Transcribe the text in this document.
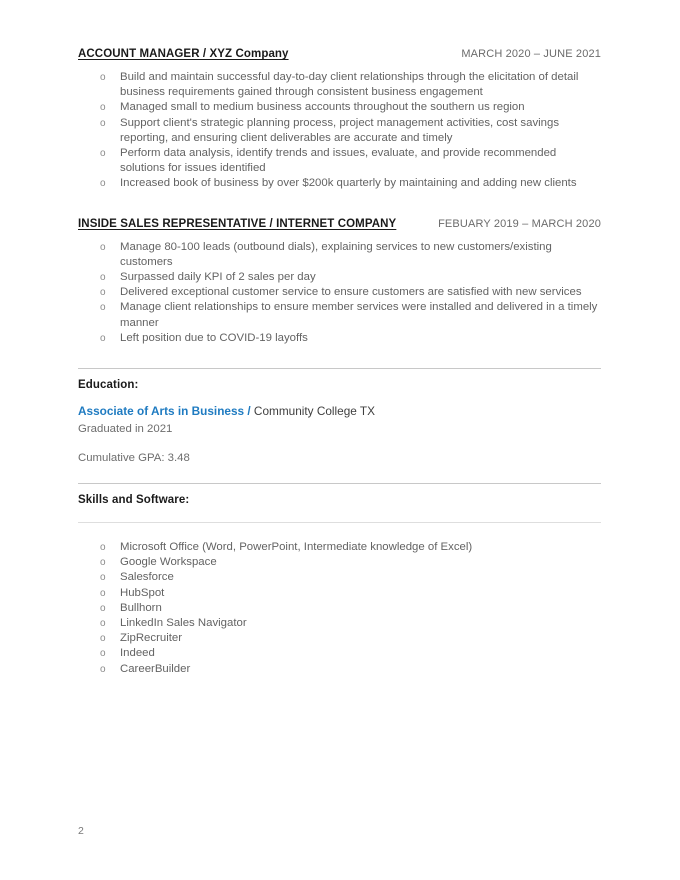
ACCOUNT MANAGER / XYZ Company	MARCH 2020 – JUNE 2021
o Build and maintain successful day-to-day client relationships through the elicitation of detail business requirements gained through consistent business engagement
o Managed small to medium business accounts throughout the southern us region
o Support client's strategic planning process, project management activities, cost savings reporting, and ensuring client deliverables are accurate and timely
o Perform data analysis, identify trends and issues, evaluate, and provide recommended solutions for issues identified
o Increased book of business by over $200k quarterly by maintaining and adding new clients
INSIDE SALES REPRESENTATIVE / INTERNET COMPANY	FEBUARY 2019 – MARCH 2020
o Manage 80-100 leads (outbound dials), explaining services to new customers/existing customers
o Surpassed daily KPI of 2 sales per day
o Delivered exceptional customer service to ensure customers are satisfied with new services
o Manage client relationships to ensure member services were installed and delivered in a timely manner
o Left position due to COVID-19 layoffs
Education:
Associate of Arts in Business / Community College TX
Graduated in 2021
Cumulative GPA: 3.48
Skills and Software:
o Microsoft Office (Word, PowerPoint, Intermediate knowledge of Excel)
o Google Workspace
o Salesforce
o HubSpot
o Bullhorn
o LinkedIn Sales Navigator
o ZipRecruiter
o Indeed
o CareerBuilder
2
